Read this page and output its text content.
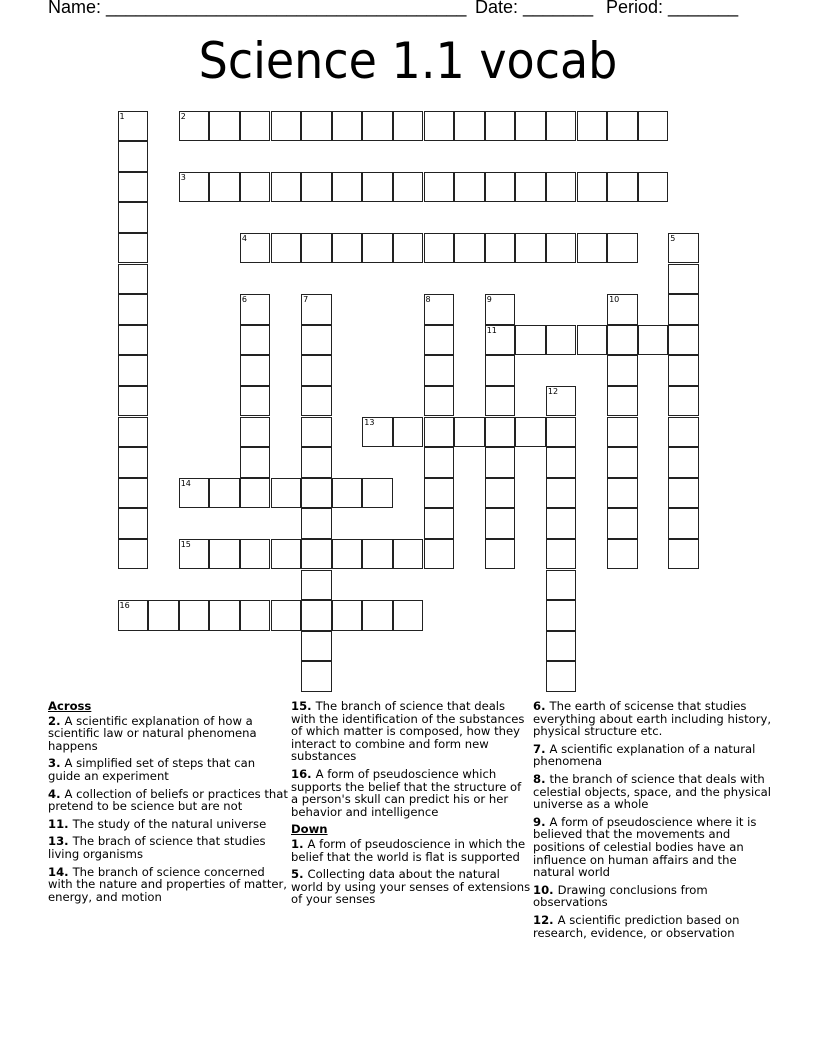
Name: ____________________________________ Date: _______ Period: _______
Science 1.1 vocab
1	2
3
4	5
6	7	8	9
11
10
12
13
14
15
16
Across
2. A scientific explanation of how a scientific law or natural phenomena happens
3. A simplified set of steps that can guide an experiment
4. A collection of beliefs or practices that pretend to be science but are not
11. The study of the natural universe
13. The brach of science that studies living organisms
14. The branch of science concerned with the nature and properties of matter, energy, and motion
15. The branch of science that deals with the identification of the substances of which matter is composed, how they interact to combine and form new substances
16. A form of pseudoscience which supports the belief that the structure of a person's skull can predict his or her behavior and intelligence
Down
1. A form of pseudoscience in which the belief that the world is flat is supported
5. Collecting data about the natural world by using your senses of extensions of your senses
6. The earth of scicense that studies everything about earth including history, physical structure etc.
7. A scientific explanation of a natural phenomena
8. the branch of science that deals with celestial objects, space, and the physical universe as a whole
9. A form of pseudoscience where it is believed that the movements and positions of celestial bodies have an influence on human affairs and the natural world
10. Drawing conclusions from observations
12. A scientific prediction based on research, evidence, or observation
